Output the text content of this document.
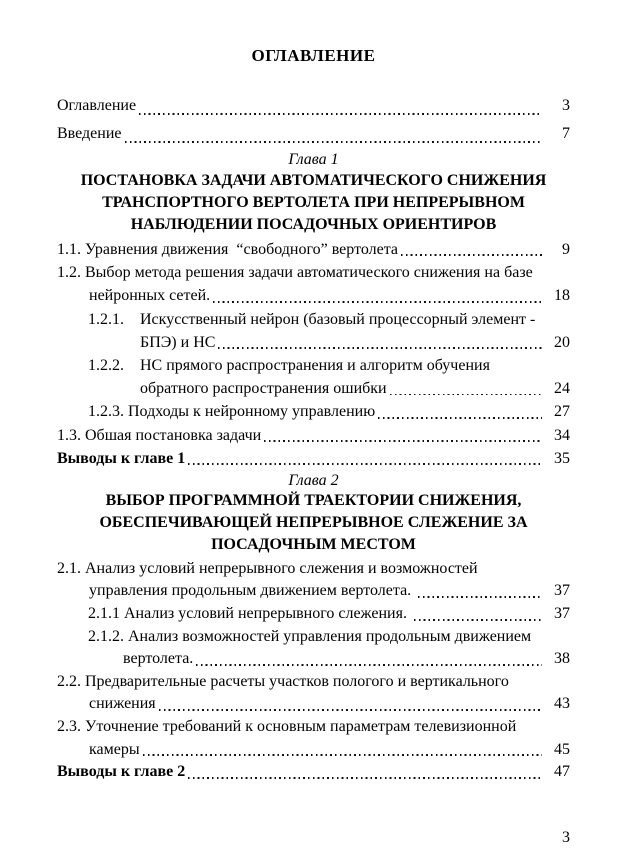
ОГЛАВЛЕНИЕ
Оглавление	3
Введение	7
Глава 1
ПОСТАНОВКА ЗАДАЧИ АВТОМАТИЧЕСКОГО СНИЖЕНИЯ
ТРАНСПОРТНОГО ВЕРТОЛЕТА ПРИ НЕПРЕРЫВНОМ
НАБЛЮДЕНИИ ПОСАДОЧНЫХ ОРИЕНТИРОВ
1.1. Уравнения движения  “свободного” вертолета	9
1.2. Выбор метода решения задачи автоматического снижения на базе
нейронных сетей.	18
1.2.1.	Искусственный нейрон (базовый процессорный элемент -
БПЭ) и НС	20
1.2.2.	НС прямого распространения и алгоритм обучения
обратного распространения ошибки	24
1.2.3. Подходы к нейронному управлению	27
1.3. Обшая постановка задачи	34
Выводы к главе 1	35
Глава 2
ВЫБОР ПРОГРАММНОЙ ТРАЕКТОРИИ СНИЖЕНИЯ,
ОБЕСПЕЧИВАЮЩЕЙ НЕПРЕРЫВНОЕ СЛЕЖЕНИЕ ЗА
ПОСАДОЧНЫМ МЕСТОМ
2.1. Анализ условий непрерывного слежения и возможностей
управления продольным движением вертолета.	37
2.1.1 Анализ условий непрерывного слежения.	37
2.1.2. Анализ возможностей управления продольным движением
вертолета.	38
2.2. Предварительные расчеты участков пологого и вертикального
снижения	43
2.3. Уточнение требований к основным параметрам телевизионной
камеры	45
Выводы к главе 2	47
3
